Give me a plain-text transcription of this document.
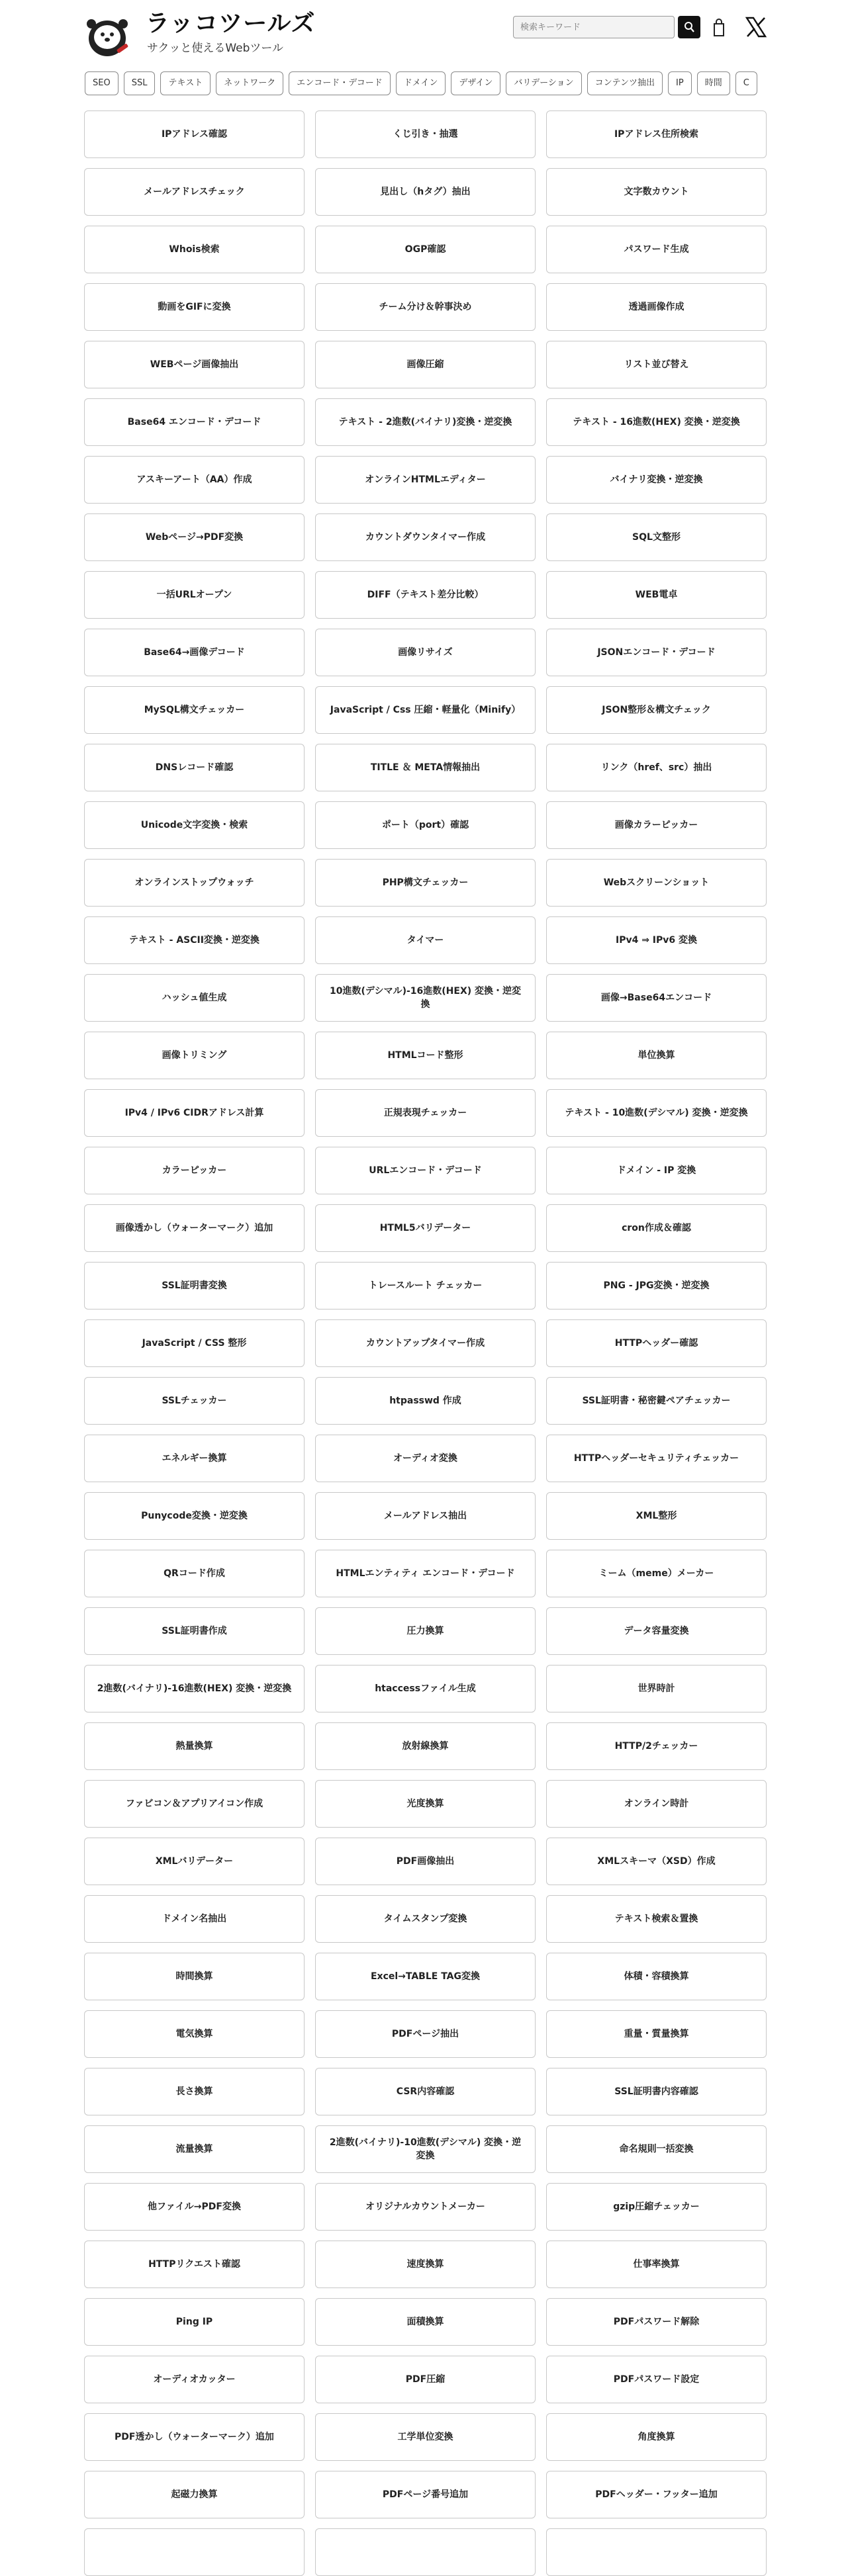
ラッコツールズ
サクッと使えるWebツール
検索キーワード
SEO SSL テキスト ネットワーク エンコード・デコード ドメイン デザイン バリデーション コンテンツ抽出 IP 時間 C
IPアドレス確認	くじ引き・抽選	IPアドレス住所検索
メールアドレスチェック	見出し（hタグ）抽出	文字数カウント
Whois検索	OGP確認	パスワード生成
動画をGIFに変換	チーム分け＆幹事決め	透過画像作成
WEBページ画像抽出	画像圧縮	リスト並び替え
Base64 エンコード・デコード	テキスト - 2進数(バイナリ)変換・逆変換	テキスト - 16進数(HEX) 変換・逆変換
アスキーアート（AA）作成	オンラインHTMLエディター	バイナリ変換・逆変換
Webページ→PDF変換	カウントダウンタイマー作成	SQL文整形
一括URLオープン	DIFF（テキスト差分比較）	WEB電卓
Base64→画像デコード	画像リサイズ	JSONエンコード・デコード
MySQL構文チェッカー	JavaScript / Css 圧縮・軽量化（Minify）	JSON整形＆構文チェック
DNSレコード確認	TITLE ＆ META情報抽出	リンク（href、src）抽出
Unicode文字変換・検索	ポート（port）確認	画像カラーピッカー
オンラインストップウォッチ	PHP構文チェッカー	Webスクリーンショット
テキスト - ASCII変換・逆変換	タイマー	IPv4 ⇒ IPv6 変換
ハッシュ値生成
10進数(デシマル)-16進数(HEX) 変換・逆変換
画像→Base64エンコード
画像トリミング	HTMLコード整形	単位換算
IPv4 / IPv6 CIDRアドレス計算	正規表現チェッカー	テキスト - 10進数(デシマル) 変換・逆変換
カラーピッカー	URLエンコード・デコード	ドメイン - IP 変換
画像透かし（ウォーターマーク）追加	HTML5バリデーター	cron作成＆確認
SSL証明書変換	トレースルート チェッカー	PNG - JPG変換・逆変換
JavaScript / CSS 整形	カウントアップタイマー作成	HTTPヘッダー確認
SSLチェッカー	htpasswd 作成	SSL証明書・秘密鍵ペアチェッカー
エネルギー換算	オーディオ変換	HTTPヘッダーセキュリティチェッカー
Punycode変換・逆変換	メールアドレス抽出	XML整形
QRコード作成	HTMLエンティティ エンコード・デコード	ミーム（meme）メーカー
SSL証明書作成	圧力換算	データ容量変換
2進数(バイナリ)-16進数(HEX) 変換・逆変換	htaccessファイル生成	世界時計
熱量換算	放射線換算	HTTP/2チェッカー
ファビコン＆アプリアイコン作成	光度換算	オンライン時計
XMLバリデーター	PDF画像抽出	XMLスキーマ（XSD）作成
ドメイン名抽出	タイムスタンプ変換	テキスト検索＆置換
時間換算	Excel→TABLE TAG変換	体積・容積換算
電気換算	PDFページ抽出	重量・質量換算
長さ換算	CSR内容確認	SSL証明書内容確認
流量換算
2進数(バイナリ)-10進数(デシマル) 変換・逆変換
命名規則一括変換
他ファイル→PDF変換	オリジナルカウントメーカー	gzip圧縮チェッカー
HTTPリクエスト確認	速度換算	仕事率換算
Ping IP	面積換算	PDFパスワード解除
オーディオカッター	PDF圧縮	PDFパスワード設定
PDF透かし（ウォーターマーク）追加	工学単位変換	角度換算
起磁力換算	PDFページ番号追加	PDFヘッダー・フッター追加
